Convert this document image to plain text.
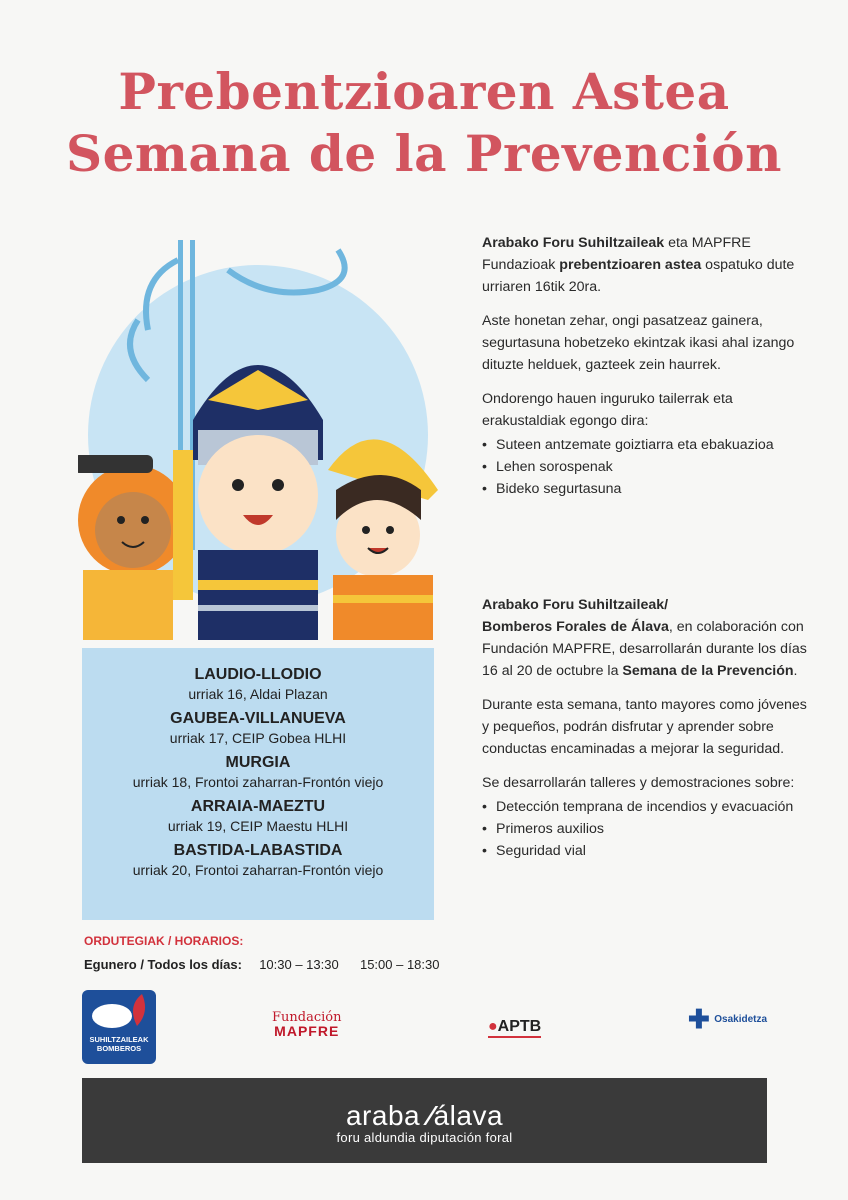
Prebentzioaren Astea
Semana de la Prevención
LAUDIO-LLODIO
urriak 16, Aldai Plazan
GAUBEA-VILLANUEVA
urriak 17, CEIP Gobea HLHI
MURGIA
urriak 18, Frontoi zaharran-Frontón viejo
ARRAIA-MAEZTU
urriak 19, CEIP Maestu HLHI
BASTIDA-LABASTIDA
urriak 20, Frontoi zaharran-Frontón viejo
ORDUTEGIAK / HORARIOS:
Egunero / Todos los días: 10:30 – 13:30 15:00 – 18:30

Arabako Foru Suhiltzaileak eta MAPFRE Fundazioak prebentzioaren astea ospatuko dute urriaren 16tik 20ra.

Aste honetan zehar, ongi pasatzeaz gainera, segurtasuna hobetzeko ekintzak ikasi ahal izango dituzte helduek, gazteek zein haurrek.

Ondorengo hauen inguruko tailerrak eta erakustaldiak egongo dira:

• Suteen antzemate goiztiarra eta ebakuazioa
• Lehen sorospenak
• Bideko segurtasuna

Arabako Foru Suhiltzaileak/
Bomberos Forales de Álava, en colaboración con Fundación MAPFRE, desarrollarán durante los días 16 al 20 de octubre la Semana de la Prevención.

Durante esta semana, tanto mayores como jóvenes y pequeños, podrán disfrutar y aprender sobre conductas encaminadas a mejorar la seguridad.

Se desarrollarán talleres y demostraciones sobre:

• Detección temprana de incendios y evacuación
• Primeros auxilios
• Seguridad vial
SUHILTZAILEAK
BOMBEROS
Fundación
MAPFRE	●APTB	✚ Osakidetza
araba ⁄álava
foru aldundia diputación foral
